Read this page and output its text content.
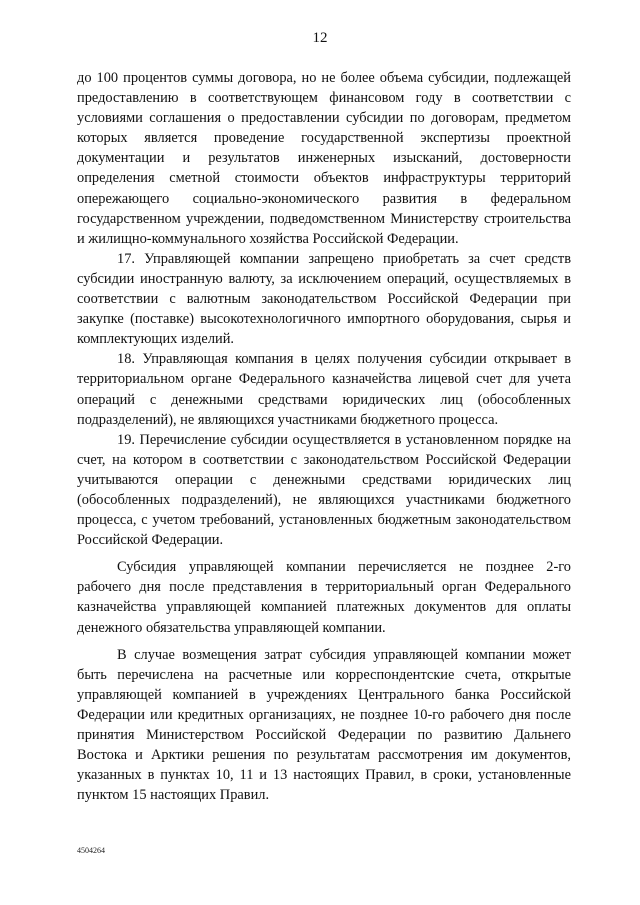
12

до 100 процентов суммы договора, но не более объема субсидии, подлежащей предоставлению в соответствующем финансовом году в соответствии с условиями соглашения о предоставлении субсидии по договорам, предметом которых является проведение государственной экспертизы проектной документации и результатов инженерных изысканий, достоверности определения сметной стоимости объектов инфраструктуры территорий опережающего социально-экономического развития в федеральном государственном учреждении, подведомственном Министерству строительства и жилищно-коммунального хозяйства Российской Федерации.

17. Управляющей компании запрещено приобретать за счет средств субсидии иностранную валюту, за исключением операций, осуществляемых в соответствии с валютным законодательством Российской Федерации при закупке (поставке) высокотехнологичного импортного оборудования, сырья и комплектующих изделий.

18. Управляющая компания в целях получения субсидии открывает в территориальном органе Федерального казначейства лицевой счет для учета операций с денежными средствами юридических лиц (обособленных подразделений), не являющихся участниками бюджетного процесса.

19. Перечисление субсидии осуществляется в установленном порядке на счет, на котором в соответствии с законодательством Российской Федерации учитываются операции с денежными средствами юридических лиц (обособленных подразделений), не являющихся участниками бюджетного процесса, с учетом требований, установленных бюджетным законодательством Российской Федерации.

Субсидия управляющей компании перечисляется не позднее 2-го рабочего дня после представления в территориальный орган Федерального казначейства управляющей компанией платежных документов для оплаты денежного обязательства управляющей компании.

В случае возмещения затрат субсидия управляющей компании может быть перечислена на расчетные или корреспондентские счета, открытые управляющей компанией в учреждениях Центрального банка Российской Федерации или кредитных организациях, не позднее 10-го рабочего дня после принятия Министерством Российской Федерации по развитию Дальнего Востока и Арктики решения по результатам рассмотрения им документов, указанных в пунктах 10, 11 и 13 настоящих Правил, в сроки, установленные пунктом 15 настоящих Правил.

4504264
